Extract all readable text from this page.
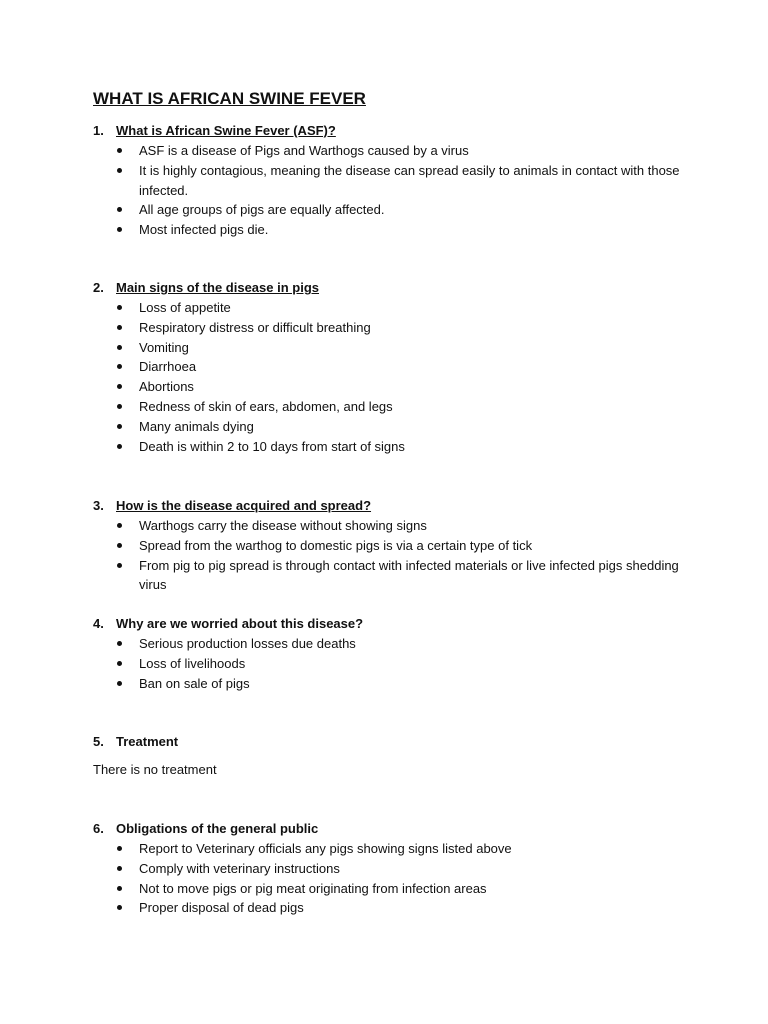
WHAT IS AFRICAN SWINE FEVER
1. What is African Swine Fever (ASF)?
ASF is a disease of Pigs and Warthogs caused by a virus
It is highly contagious, meaning the disease can spread easily to animals in contact with those infected.
All age groups of pigs are equally affected.
Most infected pigs die.
2. Main signs of the disease in pigs
Loss of appetite
Respiratory distress or difficult breathing
Vomiting
Diarrhoea
Abortions
Redness of skin of ears, abdomen, and legs
Many animals dying
Death is within 2 to 10 days from start of signs
3. How is the disease acquired and spread?
Warthogs carry the disease without showing signs
Spread from the warthog to domestic pigs is via a certain type of tick
From pig to pig spread is through contact with infected materials or live infected pigs shedding virus
4. Why are we worried about this disease?
Serious production losses due deaths
Loss of livelihoods
Ban on sale of pigs
5. Treatment
There is no treatment
6. Obligations of the general public
Report to Veterinary officials any pigs showing signs listed above
Comply with veterinary instructions
Not to move pigs or pig meat originating from infection areas
Proper disposal of dead pigs
